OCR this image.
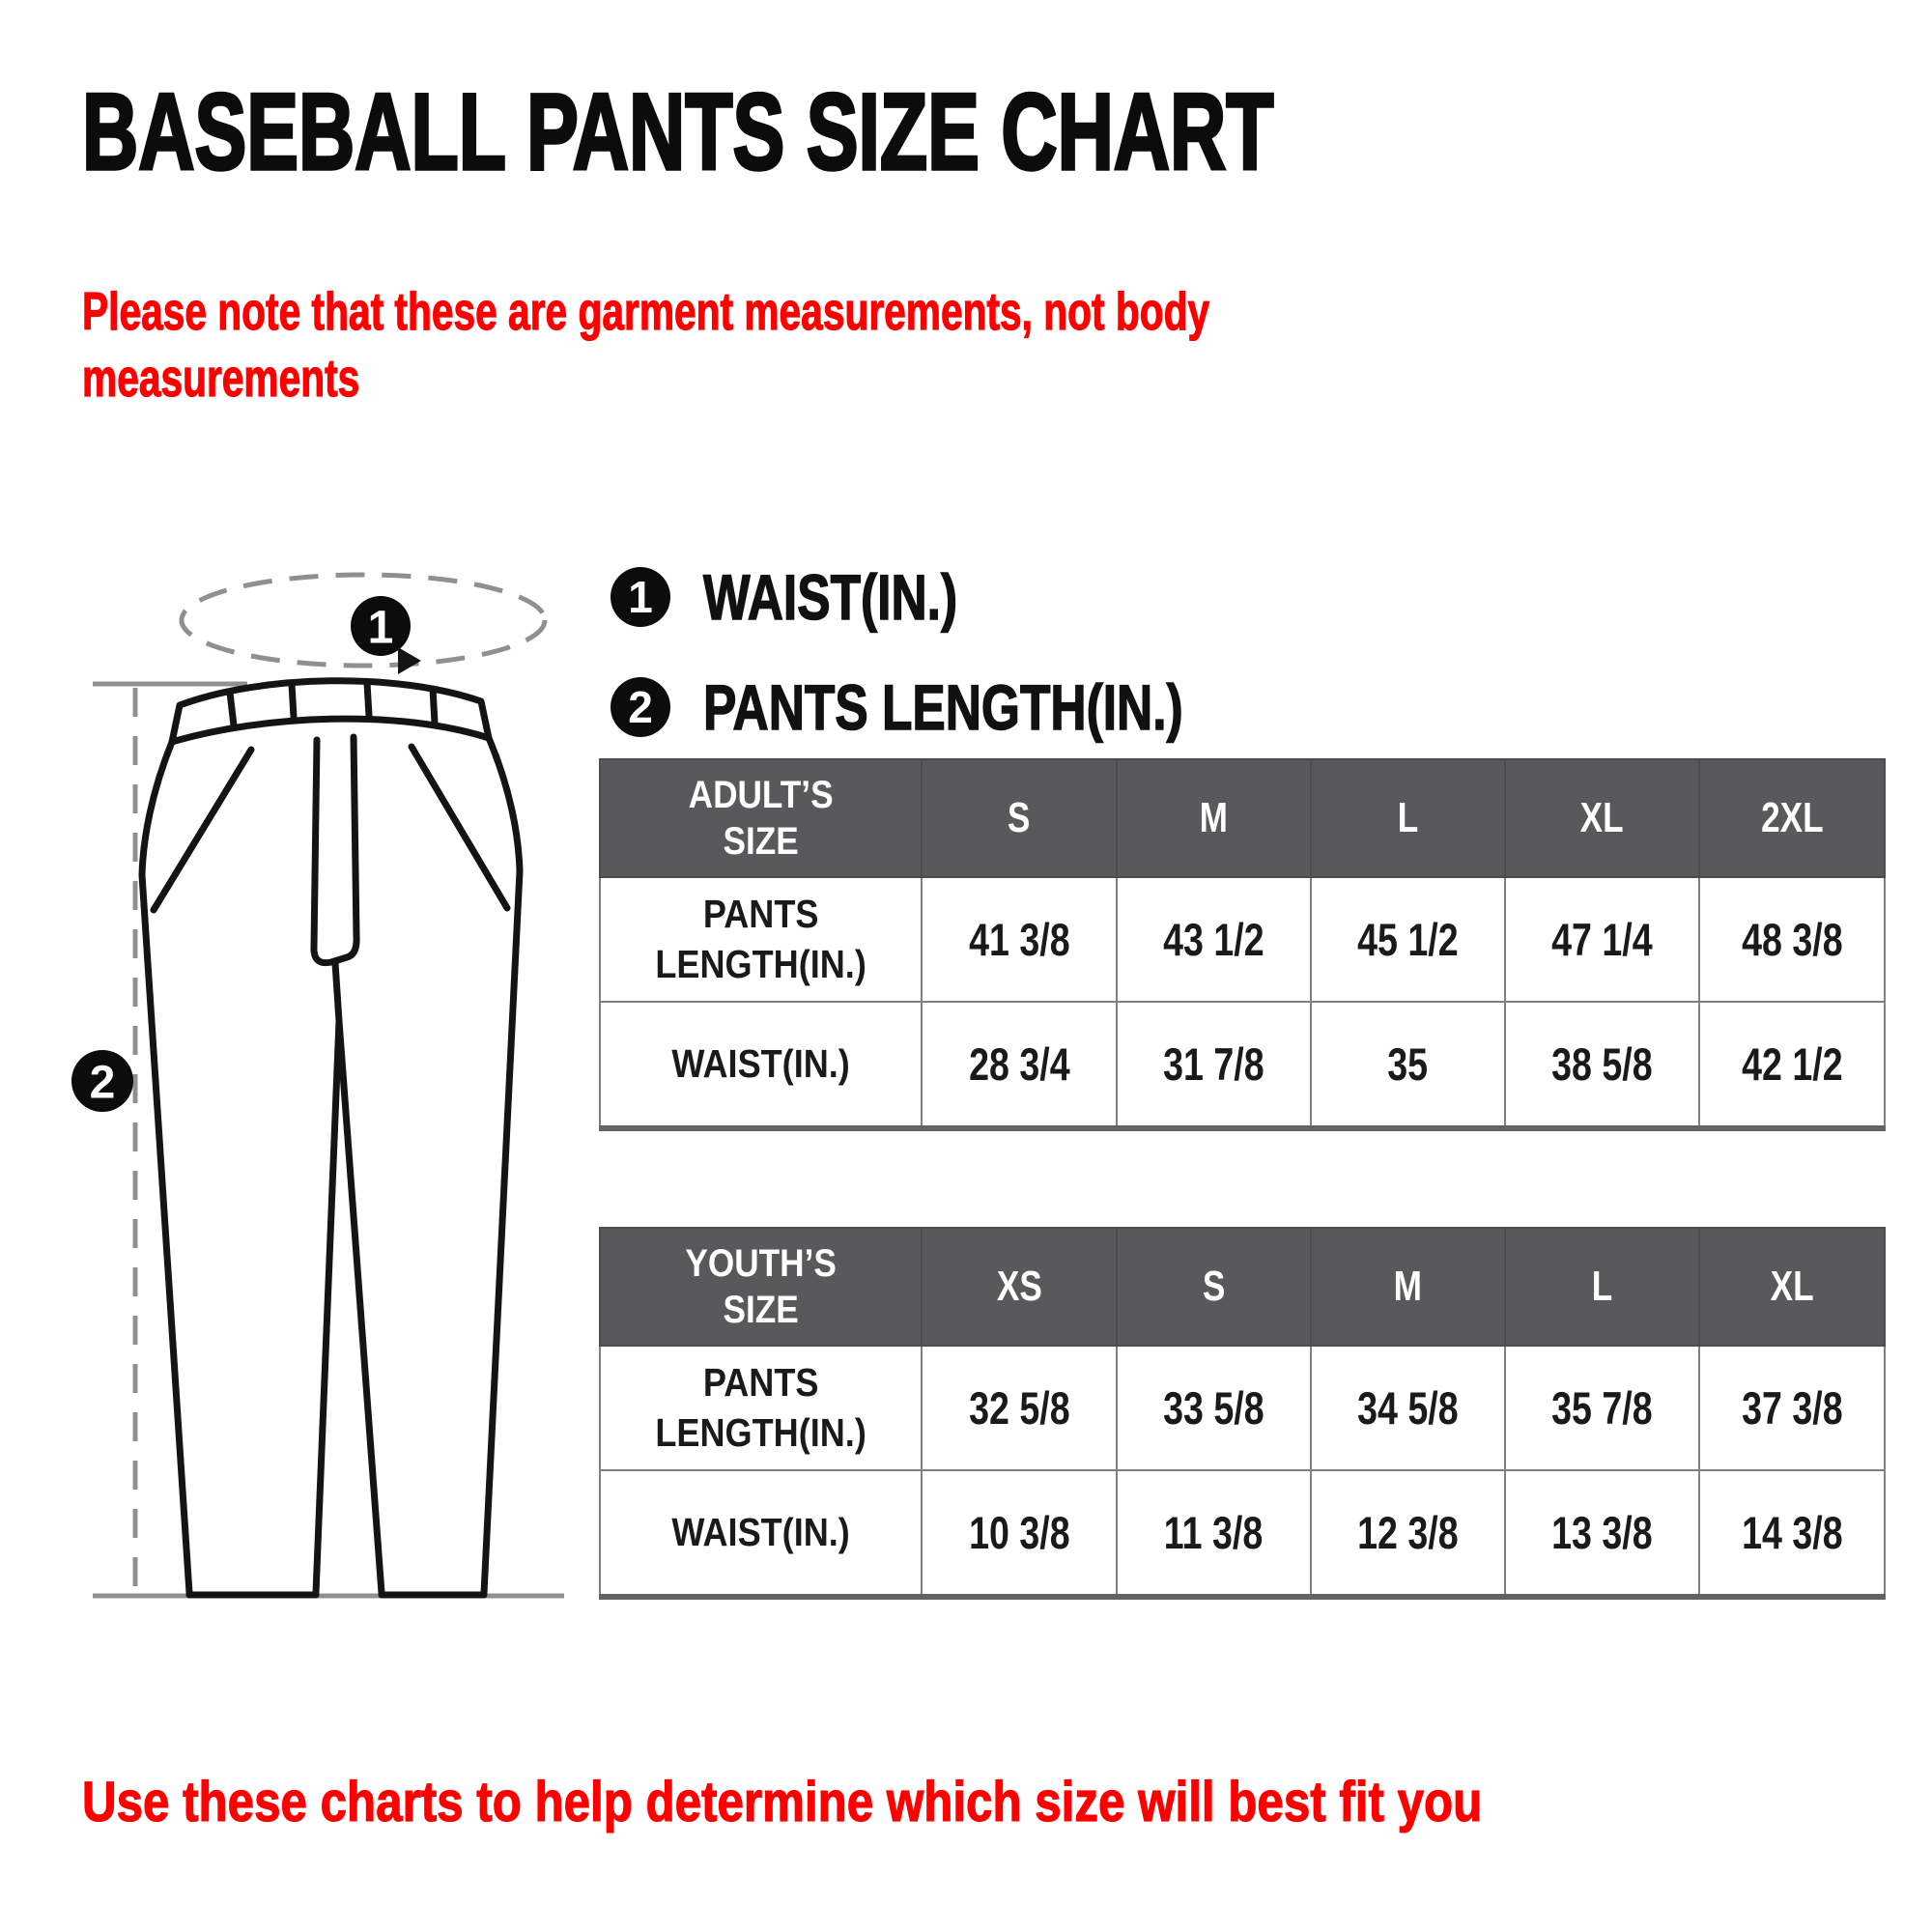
BASEBALL PANTS SIZE CHART
Please note that these are garment measurements, not body
measurements
1 WAIST(IN.)
2 PANTS LENGTH(IN.)
1
2
ADULT’S SIZE	S	M	L	XL	2XL

PANTS LENGTH(IN.)	41 3/8	43 1/2	45 1/2	47 1/4	48 3/8

WAIST(IN.)	28 3/4	31 7/8	35	38 5/8	42 1/2
YOUTH’S SIZE	XS	S	M	L	XL

PANTS LENGTH(IN.)	32 5/8	33 5/8	34 5/8	35 7/8	37 3/8

WAIST(IN.)	10 3/8	11 3/8	12 3/8	13 3/8	14 3/8
Use these charts to help determine which size will best fit you
